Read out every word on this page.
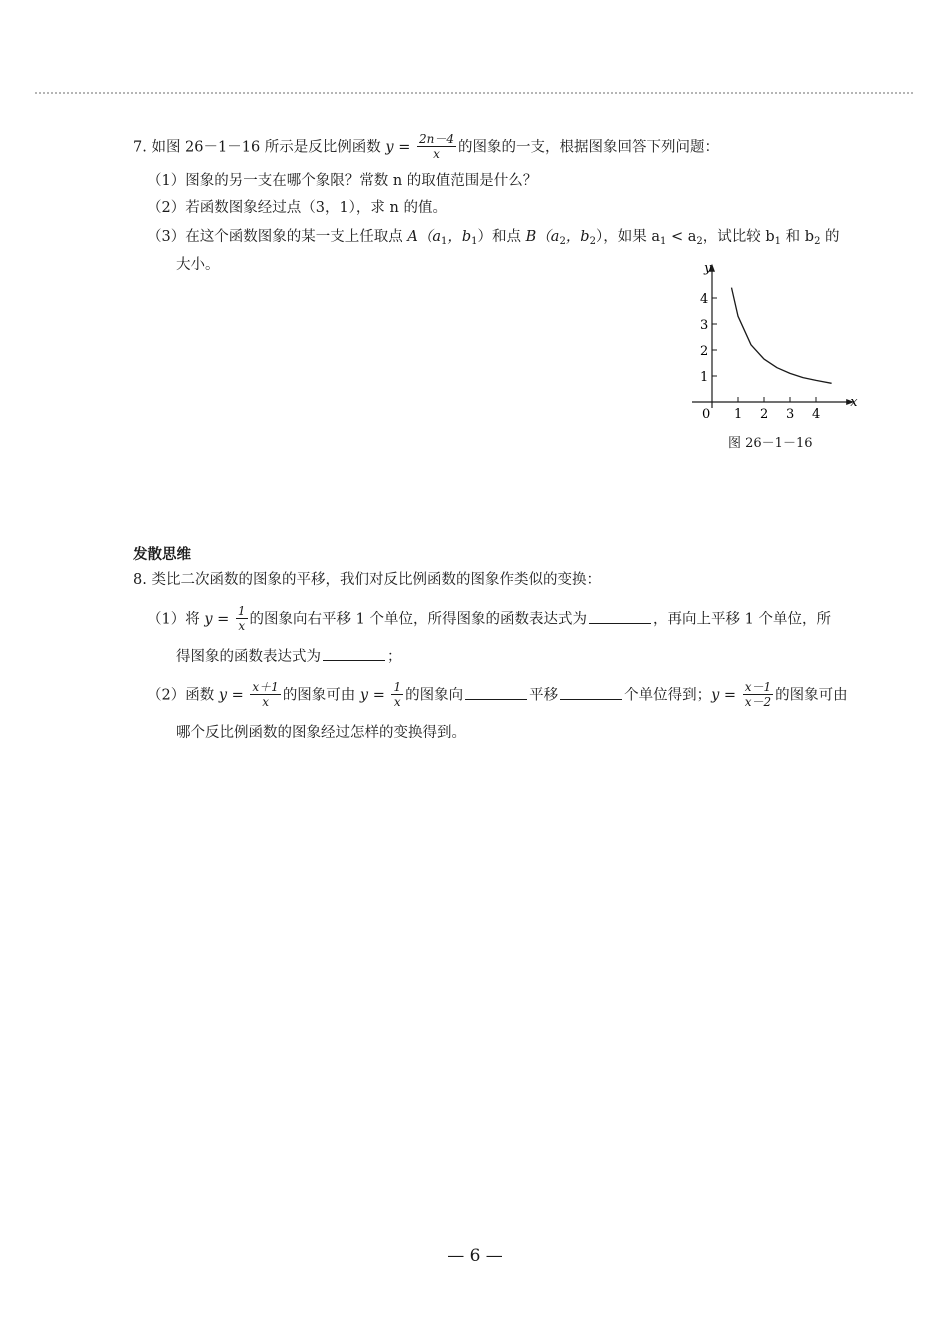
7. 如图 26－1－16 所示是反比例函数 $y = \frac{2n-4}{x}$ 的图象的一支，根据图象回答下列问题：
（1）图象的另一支在哪个象限？常数 n 的取值范围是什么？
（2）若函数图象经过点（3，1），求 n 的值。
（3）在这个函数图象的某一支上任取点 $A(a_1$，$b_1$）和点 $B(a_2$，$b_2$），如果 $a_1 < a_2$，试比较 $b_1$ 和 $b_2$ 的
大小。
x
y
0 1 2 3 4
1
2
3
4
图 26－1－16
发散思维
8. 类比二次函数的图象的平移，我们对反比例函数的图象作类似的变换：
（1）将 $y = \frac{1}{x}$ 的图象向右平移 1 个单位，所得图象的函数表达式为	，再向上平移 1 个单位，所
得图象的函数表达式为	；
（2）函数 $y = \frac{x+1}{x}$ 的图象可由 $y = \frac{1}{x}$ 的图象向	平移	个单位得到；$y = \frac{x-1}{x-2}$ 的图象可由
哪个反比例函数的图象经过怎样的变换得到。
— 6 —
